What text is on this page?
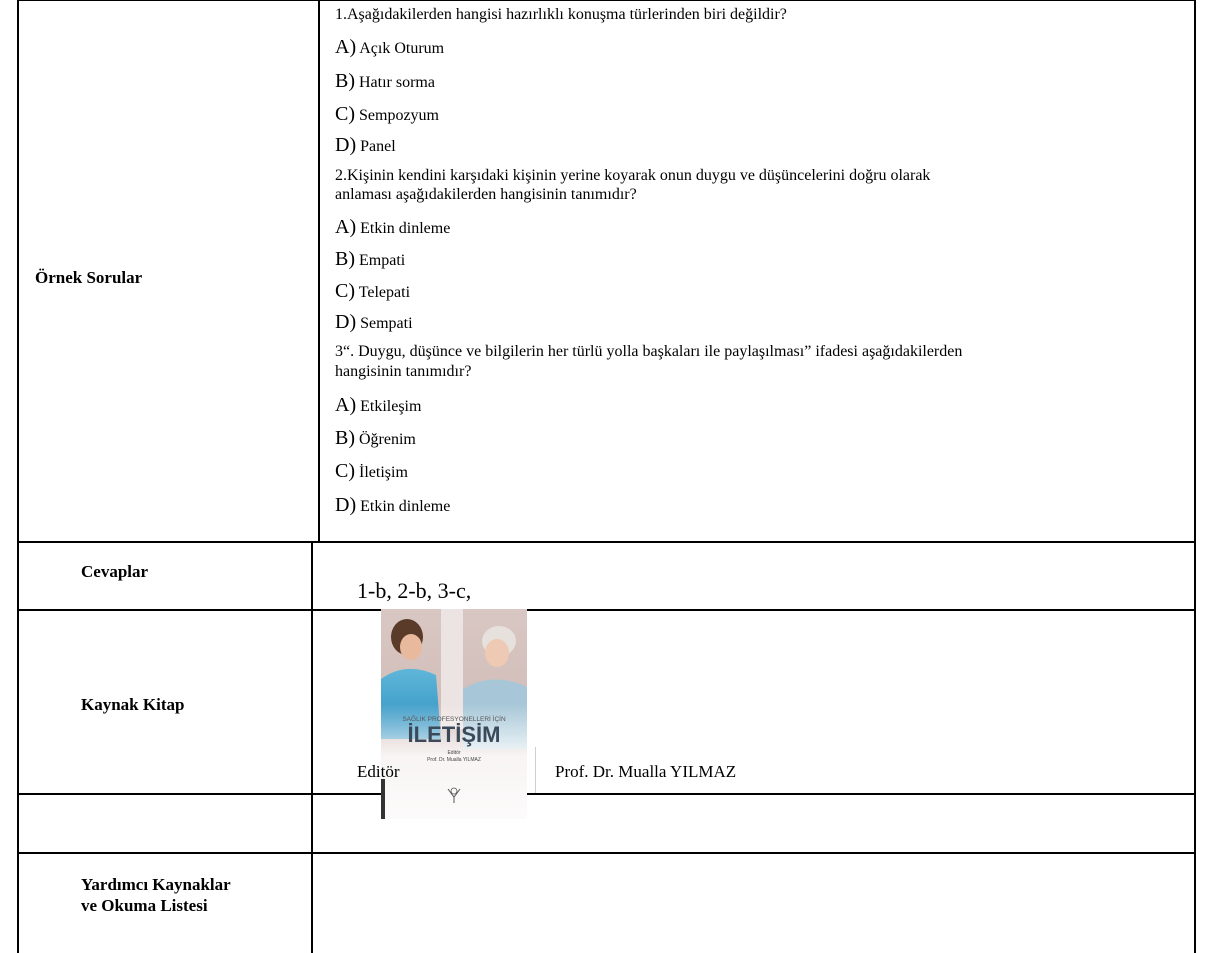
Örnek Sorular
Cevaplar
Kaynak Kitap
Yardımcı Kaynaklar
ve Okuma Listesi
1.Aşağıdakilerden hangisi hazırlıklı konuşma türlerinden biri değildir?
A) Açık Oturum
B) Hatır sorma
C) Sempozyum
D) Panel
2.Kişinin kendini karşıdaki kişinin yerine koyarak onun duygu ve düşüncelerini doğru olarak
anlaması aşağıdakilerden hangisinin tanımıdır?
A) Etkin dinleme
B) Empati
C) Telepati
D) Sempati
3“. Duygu, düşünce ve bilgilerin her türlü yolla başkaları ile paylaşılması” ifadesi aşağıdakilerden
hangisinin tanımıdır?
A) Etkileşim
B) Öğrenim
C) İletişim
D) Etkin dinleme
1-b, 2-b, 3-c,
SAĞLIK PROFESYONELLERİ İÇİN
İLETİŞİM
Editör
Prof. Dr. Mualla YILMAZ
Editör	Prof. Dr. Mualla YILMAZ
